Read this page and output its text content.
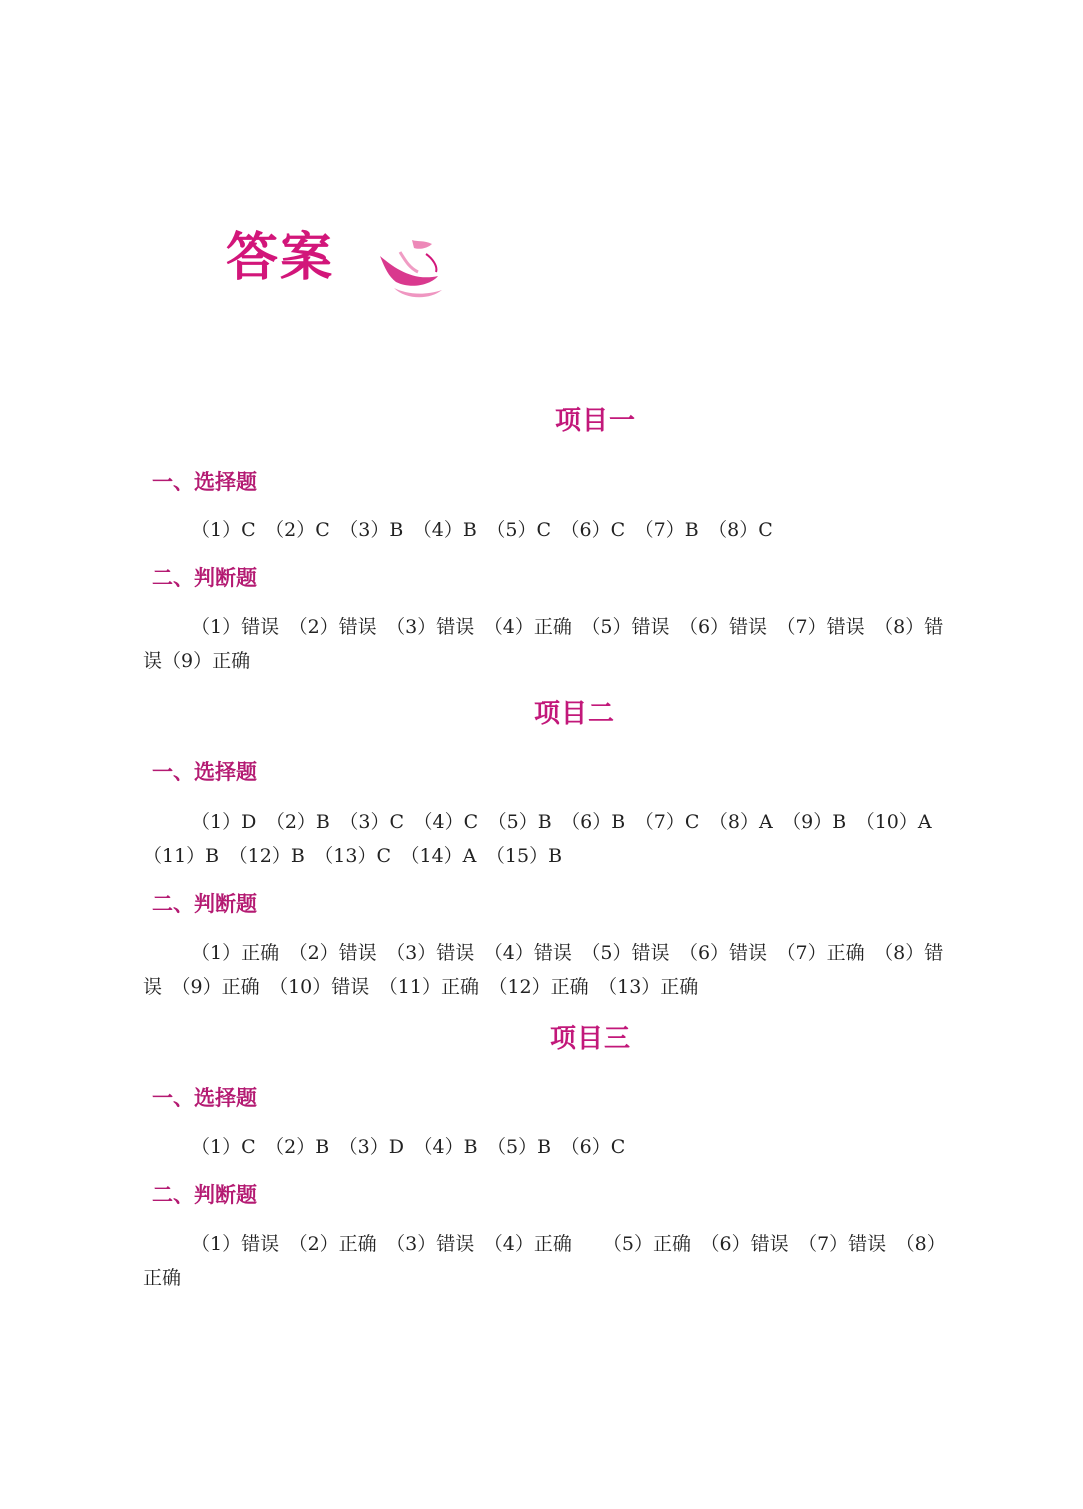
答案
项目一
一、选择题

（1）C　（2）C　（3）B　（4）B　（5）C　（6）C　（7）B　（8）C

二、判断题

（1）错误　（2）错误　（3）错误　（4）正确　（5）错误　（6）错误　（7）错误　（8）错误（9）正确

项目二
一、选择题

（1）D　（2）B　（3）C　（4）C　（5）B　（6）B　（7）C　（8）A　（9）B　（10）A　（11）B　（12）B　（13）C　（14）A　（15）B

二、判断题

（1）正确　（2）错误　（3）错误　（4）错误　（5）错误　（6）错误　（7）正确　（8）错误　（9）正确　（10）错误　（11）正确　（12）正确　（13）正确

项目三
一、选择题

（1）C　（2）B　（3）D　（4）B　（5）B　（6）C

二、判断题

（1）错误　（2）正确　（3）错误　（4）正确　 （5）正确　（6）错误　（7）错误　（8）正确
